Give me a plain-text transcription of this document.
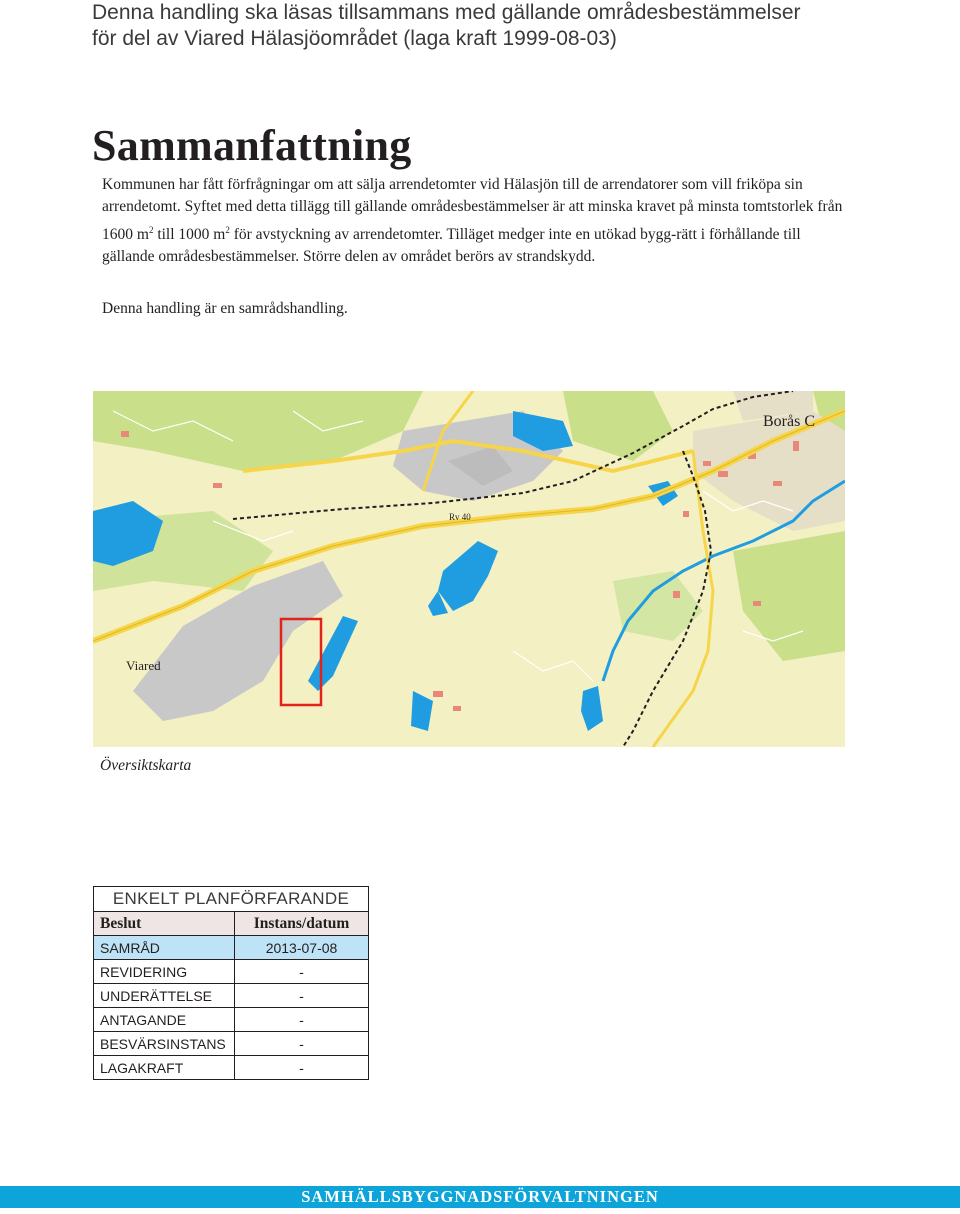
Denna handling ska läsas tillsammans med gällande områdesbestämmelser
för del av Viared Hälasjöområdet (laga kraft 1999-08-03)
Sammanfattning

Kommunen har fått förfrågningar om att sälja arrendetomter vid Hälasjön till de arrendatorer som vill friköpa sin arrendetomt. Syftet med detta tillägg till gällande områdesbestämmelser är att minska kravet på minsta tomtstorlek från 1600 $m^2$ till 1000 $m^2$ för avstyckning av arrendetomter. Tilläget medger inte en utökad bygg-rätt i förhållande till gällande områdesbestämmelser. Större delen av området berörs av strandskydd.

Denna handling är en samrådshandling.

Borås C
Rv 40
Viared

Översiktskarta

ENKELT PLANFÖRFARANDE	
Beslut	Instans/datum
SAMRÅD	2013-07-08
REVIDERING	-
UNDERÄTTELSE	-
ANTAGANDE	-
BESVÄRSINSTANS	-
LAGAKRAFT	-
SAMHÄLLSBYGGNADSFÖRVALTNINGEN
